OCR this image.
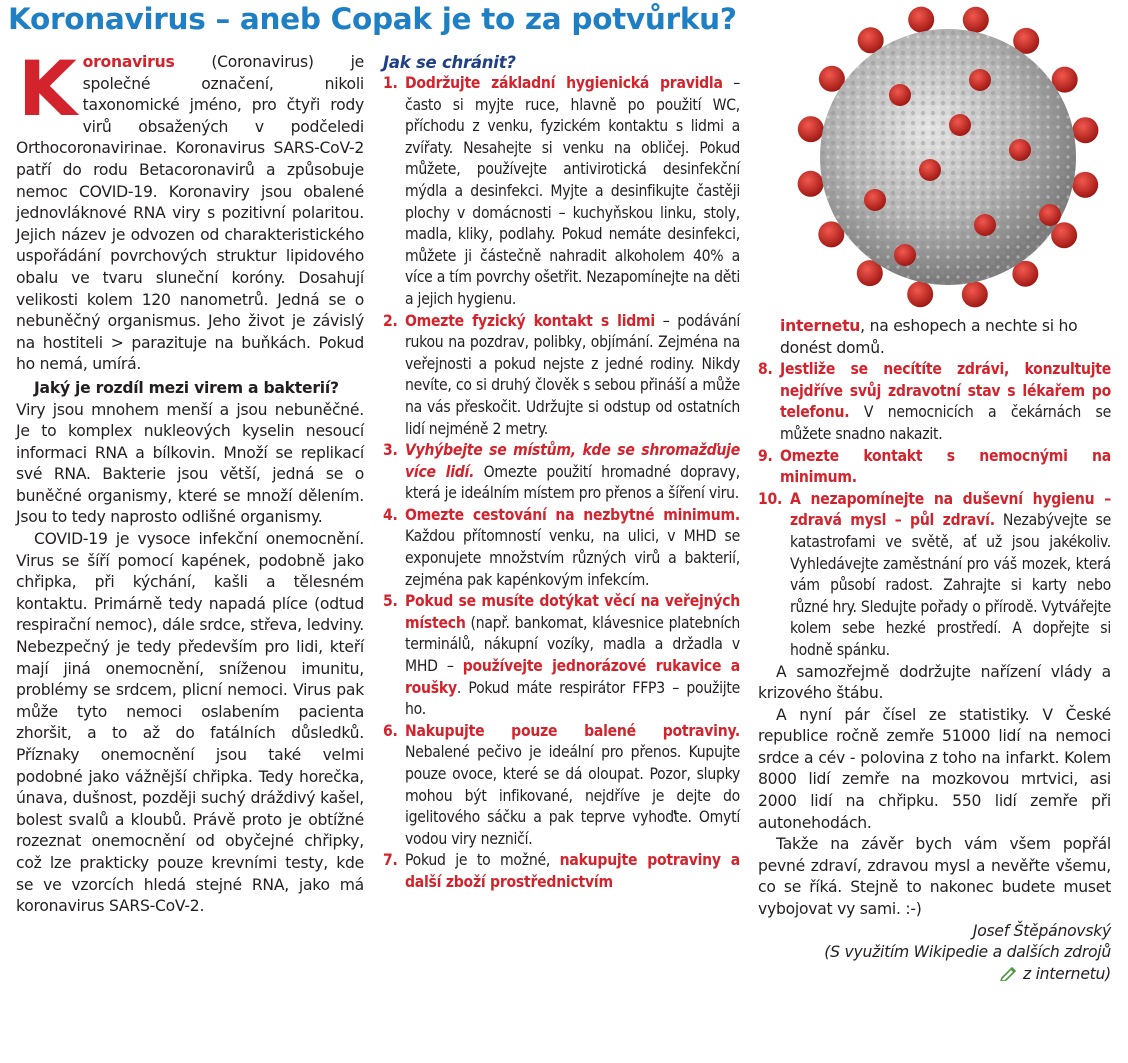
Koronavirus – aneb Copak je to za potvůrku?

Koronavirus (Coronavirus) je společné označení, nikoli taxonomické jméno, pro čtyři rody virů obsažených v podčeledi Orthocoronavirinae. Koronavirus SARS-CoV-2 patří do rodu Betacoronavirů a způsobuje nemoc COVID-19. Koronaviry jsou obalené jednovláknové RNA viry s pozitivní polaritou. Jejich název je odvozen od charakteristického uspořádání povrchových struktur lipidového obalu ve tvaru sluneční koróny. Dosahují velikosti kolem 120 nanometrů. Jedná se o nebuněčný organismus. Jeho život je závislý na hostiteli > parazituje na buňkách. Pokud ho nemá, umírá.

Jaký je rozdíl mezi virem a bakterií?

Viry jsou mnohem menší a jsou nebuněčné. Je to komplex nukleových kyselin nesoucí informaci RNA a bílkovin. Množí se replikací své RNA. Bakterie jsou větší, jedná se o buněčné organismy, které se množí dělením. Jsou to tedy naprosto odlišné organismy.

COVID-19 je vysoce infekční onemocnění. Virus se šíří pomocí kapének, podobně jako chřipka, při kýchání, kašli a tělesném kontaktu. Primárně tedy napadá plíce (odtud respirační nemoc), dále srdce, střeva, ledviny. Nebezpečný je tedy především pro lidi, kteří mají jiná onemocnění, sníženou imunitu, problémy se srdcem, plicní nemoci. Virus pak může tyto nemoci oslabením pacienta zhoršit, a to až do fatálních důsledků. Příznaky onemocnění jsou také velmi podobné jako vážnější chřipka. Tedy horečka, únava, dušnost, později suchý dráždivý kašel, bolest svalů a kloubů. Právě proto je obtížné rozeznat onemocnění od obyčejné chřipky, což lze prakticky pouze krevními testy, kde se ve vzorcích hledá stejné RNA, jako má koronavirus SARS-CoV-2.

Jak se chránit?
1. Dodržujte základní hygienická pravidla – často si myjte ruce, hlavně po použití WC, příchodu z venku, fyzickém kontaktu s lidmi a zvířaty. Nesahejte si venku na obličej. Pokud můžete, používejte antivirotická desinfekční mýdla a desinfekci. Myjte a desinfikujte častěji plochy v domácnosti – kuchyňskou linku, stoly, madla, kliky, podlahy. Pokud nemáte desinfekci, můžete ji částečně nahradit alkoholem 40% a více a tím povrchy ošetřit. Nezapomínejte na děti a jejich hygienu.
2. Omezte fyzický kontakt s lidmi – podávání rukou na pozdrav, polibky, objímání. Zejména na veřejnosti a pokud nejste z jedné rodiny. Nikdy nevíte, co si druhý člověk s sebou přináší a může na vás přeskočit. Udržujte si odstup od ostatních lidí nejméně 2 metry.
3. Vyhýbejte se místům, kde se shromažďuje více lidí. Omezte použití hromadné dopravy, která je ideálním místem pro přenos a šíření viru.
4. Omezte cestování na nezbytné minimum. Každou přítomností venku, na ulici, v MHD se exponujete množstvím různých virů a bakterií, zejména pak kapénkovým infekcím.
5. Pokud se musíte dotýkat věcí na veřejných místech (např. bankomat, klávesnice platebních terminálů, nákupní vozíky, madla a držadla v MHD – používejte jednorázové rukavice a roušky. Pokud máte respirátor FFP3 – použijte ho.
6. Nakupujte pouze balené potraviny. Nebalené pečivo je ideální pro přenos. Kupujte pouze ovoce, které se dá oloupat. Pozor, slupky mohou být infikované, nejdříve je dejte do igelitového sáčku a pak teprve vyhoďte. Omytí vodou viry nezničí.
7. Pokud je to možné, nakupujte potraviny a další zboží prostřednictvím
internetu, na eshopech a nechte si ho donést domů.
8. Jestliže se necítíte zdrávi, konzultujte nejdříve svůj zdravotní stav s lékařem po telefonu. V nemocnicích a čekárnách se můžete snadno nakazit.
9. Omezte kontakt s nemocnými na minimum.
10. A nezapomínejte na duševní hygienu – zdravá mysl – půl zdraví. Nezabývejte se katastrofami ve světě, ať už jsou jakékoliv. Vyhledávejte zaměstnání pro váš mozek, která vám působí radost. Zahrajte si karty nebo různé hry. Sledujte pořady o přírodě. Vytvářejte kolem sebe hezké prostředí. A dopřejte si hodně spánku.

A samozřejmě dodržujte nařízení vlády a krizového štábu.

A nyní pár čísel ze statistiky. V České republice ročně zemře 51000 lidí na nemoci srdce a cév - polovina z toho na infarkt. Kolem 8000 lidí zemře na mozkovou mrtvici, asi 2000 lidí na chřipku. 550 lidí zemře při autonehodách.

Takže na závěr bych vám všem popřál pevné zdraví, zdravou mysl a nevěřte všemu, co se říká. Stejně to nakonec budete muset vybojovat vy sami. :-)

Josef Štěpánovský

(S využitím Wikipedie a dalších zdrojů

z internetu)
